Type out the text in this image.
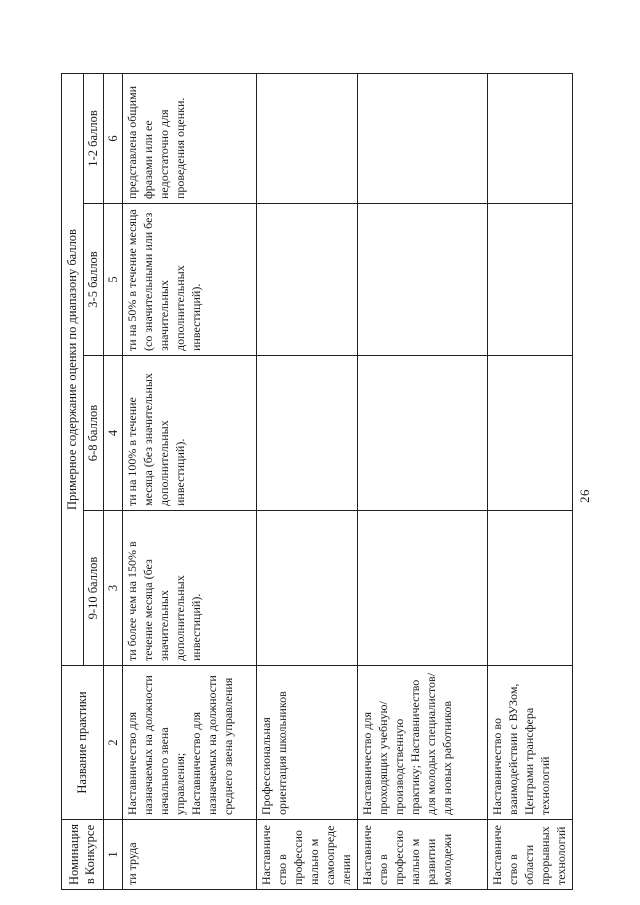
Номинация в Конкурсе	Название практики	Примерное содержание оценки по диапазону баллов			
		9-10 баллов	6-8 баллов	3-5 баллов	1-2 баллов
1	2	3	4	5	6
ти труда	Наставничество для назначаемых на должности начального звена управления; Наставничество для назначаемых на должности среднего звена управления	ти более чем на 150% в течение месяца (без значительных дополнительных инвестиций).	ти на 100% в течение месяца (без значительных дополнительных инвестиций).	ти на 50% в течение месяца (со значительными или без значительных дополнительных инвестиций).	представлена общими фразами или ее недостаточно для проведения оценки.
Наставничество в профессионально м самоопределении	Профессиональная ориентация школьников				
Наставничество в профессионально м развитии молодежи	Наставничество для проходящих учебную/производственную практику; Наставничество для молодых специалистов/для новых работников				
Наставничество в области прорывных технологий	Наставничество во взаимодействии с ВУЗом, Центрами трансфера технологий				
26
